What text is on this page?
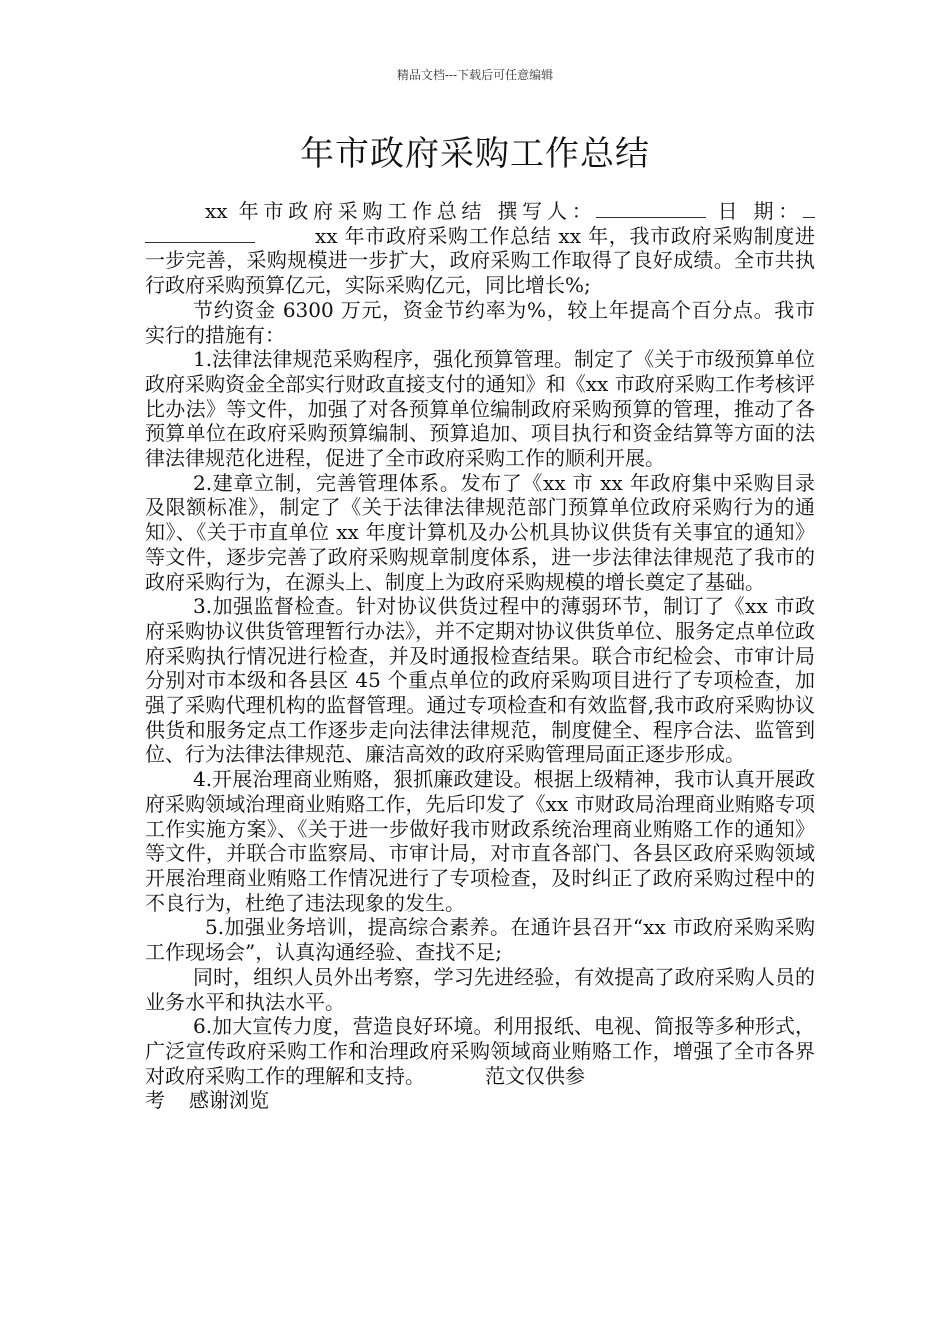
精品文档---下载后可任意编辑
年市政府采购工作总结

xx 年市政府采购工作总结 撰写人：	日 期：   xx 年市政府采购工作总结 xx 年，我市政府采购制度进一步完善，采购规模进一步扩大，政府采购工作取得了良好成绩。全市共执行政府采购预算亿元，实际采购亿元，同比增长%;

节约资金 6300 万元，资金节约率为%，较上年提高个百分点。我市实行的措施有：

1.法律法律规范采购程序，强化预算管理。制定了《关于市级预算单位政府采购资金全部实行财政直接支付的通知》和《xx 市政府采购工作考核评比办法》等文件，加强了对各预算单位编制政府采购预算的管理，推动了各预算单位在政府采购预算编制、预算追加、项目执行和资金结算等方面的法律法律规范化进程，促进了全市政府采购工作的顺利开展。

2.建章立制，完善管理体系。发布了《xx 市 xx 年政府集中采购目录及限额标准》，制定了《关于法律法律规范部门预算单位政府采购行为的通知》、《关于市直单位 xx 年度计算机及办公机具协议供货有关事宜的通知》等文件，逐步完善了政府采购规章制度体系，进一步法律法律规范了我市的政府采购行为，在源头上、制度上为政府采购规模的增长奠定了基础。

3.加强监督检查。针对协议供货过程中的薄弱环节，制订了《xx 市政府采购协议供货管理暂行办法》，并不定期对协议供货单位、服务定点单位政府采购执行情况进行检查，并及时通报检查结果。联合市纪检会、市审计局分别对市本级和各县区 45 个重点单位的政府采购项目进行了专项检查，加强了采购代理机构的监督管理。通过专项检查和有效监督,我市政府采购协议供货和服务定点工作逐步走向法律法律规范，制度健全、程序合法、监管到位、行为法律法律规范、廉洁高效的政府采购管理局面正逐步形成。

4.开展治理商业贿赂，狠抓廉政建设。根据上级精神，我市认真开展政府采购领域治理商业贿赂工作，先后印发了《xx 市财政局治理商业贿赂专项工作实施方案》、《关于进一步做好我市财政系统治理商业贿赂工作的通知》等文件，并联合市监察局、市审计局，对市直各部门、各县区政府采购领域开展治理商业贿赂工作情况进行了专项检查，及时纠正了政府采购过程中的不良行为，杜绝了违法现象的发生。

5.加强业务培训，提高综合素养。在通许县召开“xx 市政府采购采购工作现场会”，认真沟通经验、查找不足;

同时，组织人员外出考察，学习先进经验，有效提高了政府采购人员的业务水平和执法水平。

6.加大宣传力度，营造良好环境。利用报纸、电视、简报等多种形式，广泛宣传政府采购工作和治理政府采购领域商业贿赂工作，增强了全市各界对政府采购工作的理解和支持。	范文仅供参

考 感谢浏览
